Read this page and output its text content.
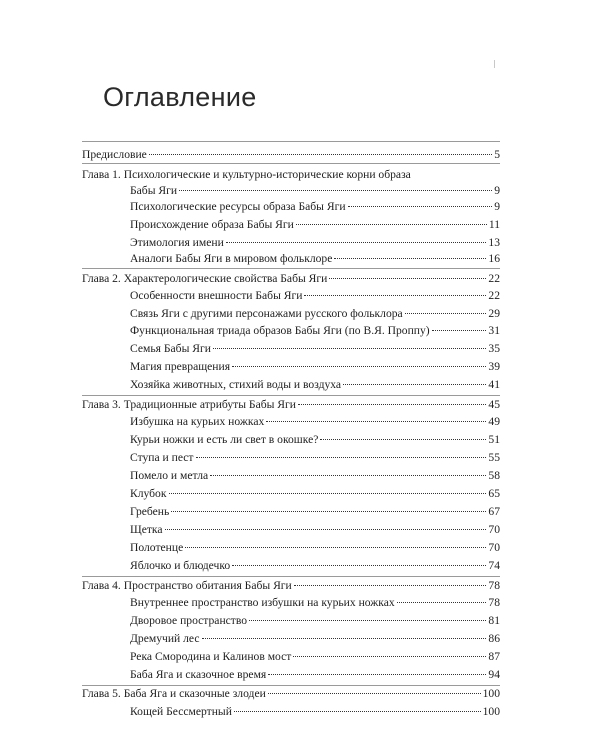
Оглавление
Предисловие	5
Глава 1. Психологические и культурно-исторические корни образа
Бабы Яги	9
Психологические ресурсы образа Бабы Яги	9
Происхождение образа Бабы Яги	11
Этимология имени	13
Аналоги Бабы Яги в мировом фольклоре	16
Глава 2. Характерологические свойства Бабы Яги	22
Особенности внешности Бабы Яги	22
Связь Яги с другими персонажами русского фольклора	29
Функциональная триада образов Бабы Яги (по В.Я. Проппу)	31
Семья Бабы Яги	35
Магия превращения	39
Хозяйка животных, стихий воды и воздуха	41
Глава 3. Традиционные атрибуты Бабы Яги	45
Избушка на курьих ножках	49
Курьи ножки и есть ли свет в окошке?	51
Ступа и пест	55
Помело и метла	58
Клубок	65
Гребень	67
Щетка	70
Полотенце	70
Яблочко и блюдечко	74
Глава 4. Пространство обитания Бабы Яги	78
Внутреннее пространство избушки на курьих ножках	78
Дворовое пространство	81
Дремучий лес	86
Река Смородина и Калинов мост	87
Баба Яга и сказочное время	94
Глава 5. Баба Яга и сказочные злодеи	100
Кощей Бессмертный	100
